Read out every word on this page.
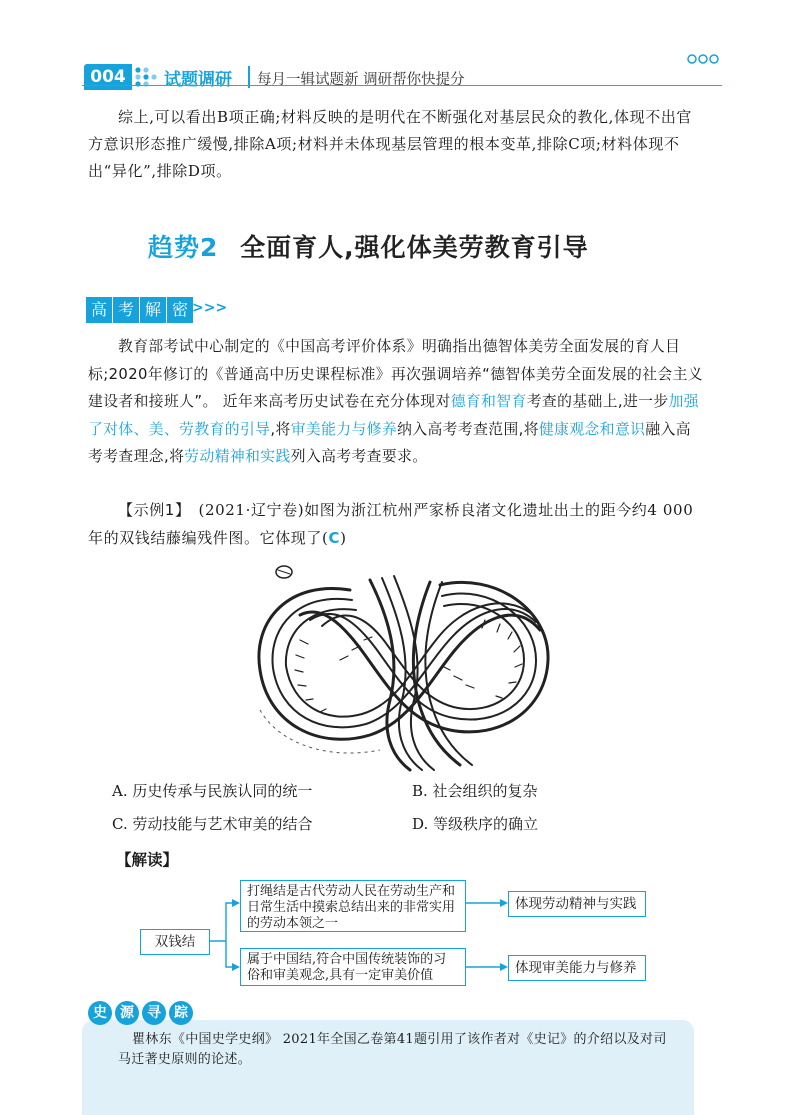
004	试题调研 每月一辑试题新 调研帮你快提分

综上,可以看出B项正确;材料反映的是明代在不断强化对基层民众的教化,体现不出官方意识形态推广缓慢,排除A项;材料并未体现基层管理的根本变革,排除C项;材料体现不出“异化”,排除D项。

趋势2 全面育人,强化体美劳教育引导
高 考 解 密 >>>

教育部考试中心制定的《中国高考评价体系》明确指出德智体美劳全面发展的育人目标;2020年修订的《普通高中历史课程标准》再次强调培养“德智体美劳全面发展的社会主义建设者和接班人”。 近年来高考历史试卷在充分体现对德育和智育考查的基础上,进一步加强了对体、美、劳教育的引导,将审美能力与修养纳入高考考查范围,将健康观念和意识融入高考考查理念,将劳动精神和实践列入高考考查要求。

【示例1】 (2021·辽宁卷)如图为浙江杭州严家桥良渚文化遗址出土的距今约4 000年的双钱结藤编残件图。它体现了(C)

A. 历史传承与民族认同的统一	B. 社会组织的复杂
C. 劳动技能与艺术审美的结合	D. 等级秩序的确立
【解读】
双钱结
打绳结是古代劳动人民在劳动生产和日常生活中摸索总结出来的非常实用的劳动本领之一
体现劳动精神与实践
属于中国结,符合中国传统装饰的习俗和审美观念,具有一定审美价值	体现审美能力与修养
史 源 寻 踪

瞿林东《中国史学史纲》 2021年全国乙卷第41题引用了该作者对《史记》的介绍以及对司马迁著史原则的论述。
